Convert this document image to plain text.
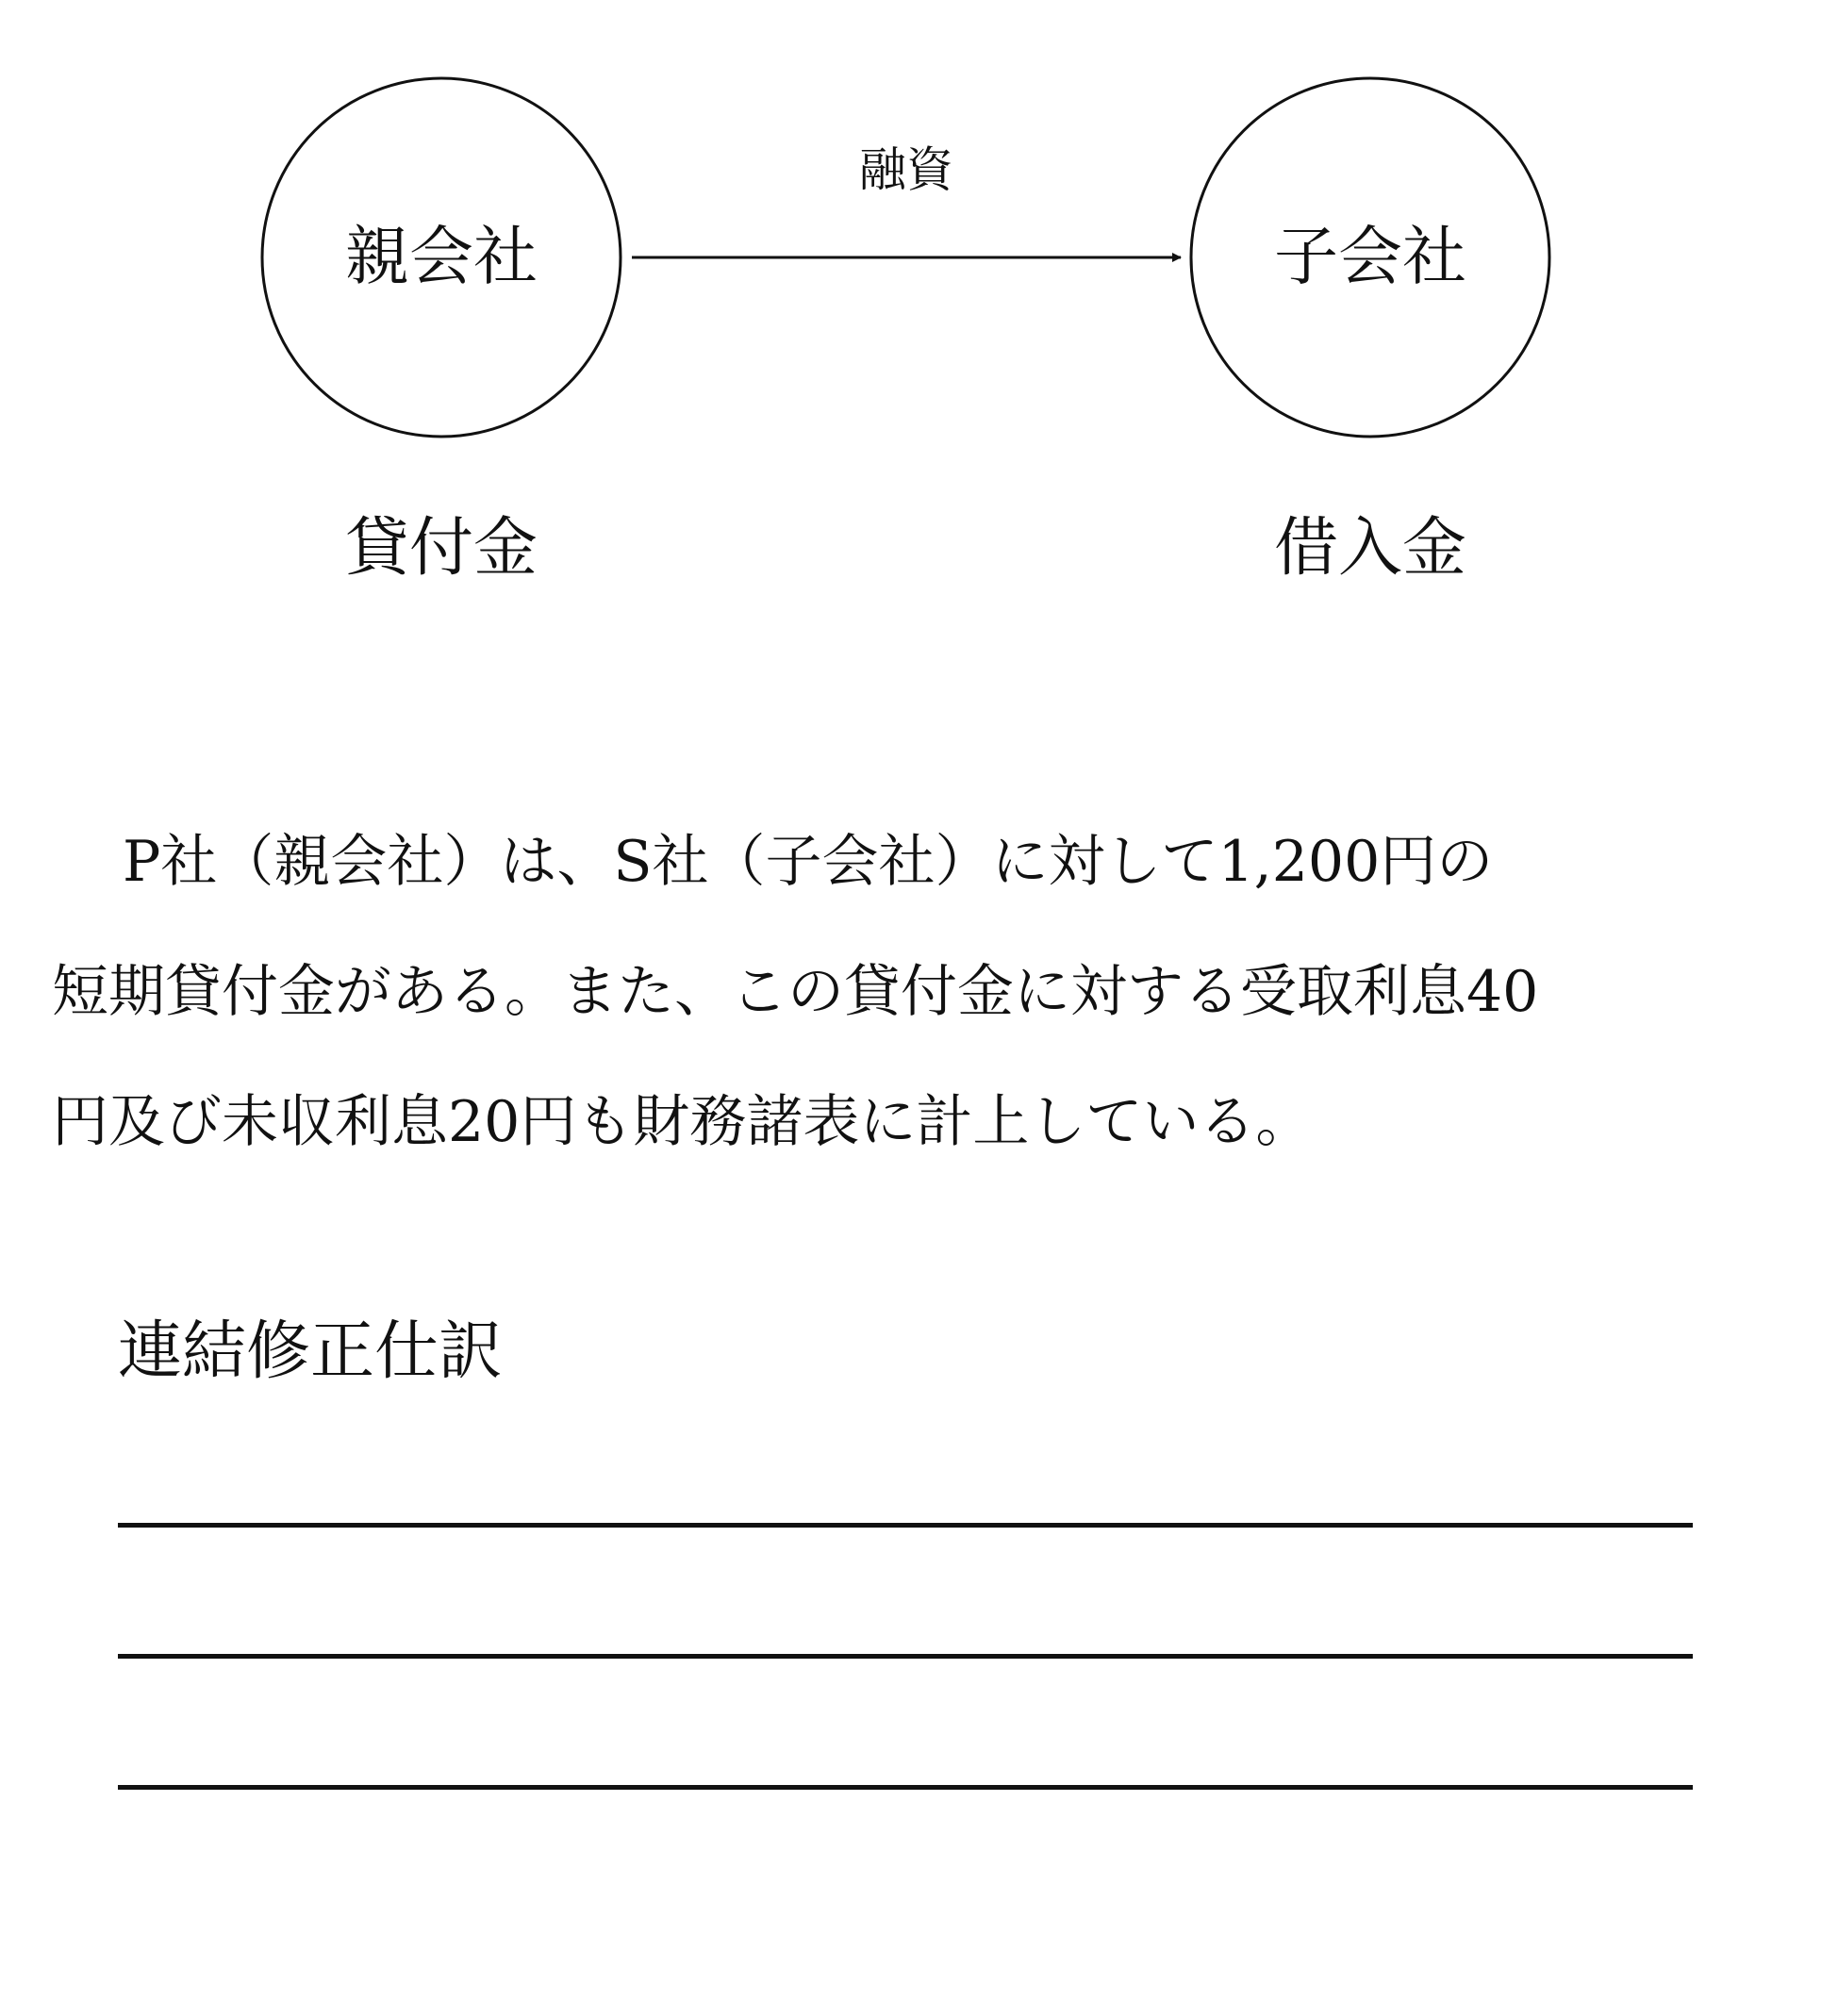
親会社	子会社
融資
貸付金	借入金

P社（親会社）は、S社（子会社）に対して1,200円の
短期貸付金がある。また、この貸付金に対する受取利息40
円及び未収利息20円も財務諸表に計上している。

連結修正仕訳
